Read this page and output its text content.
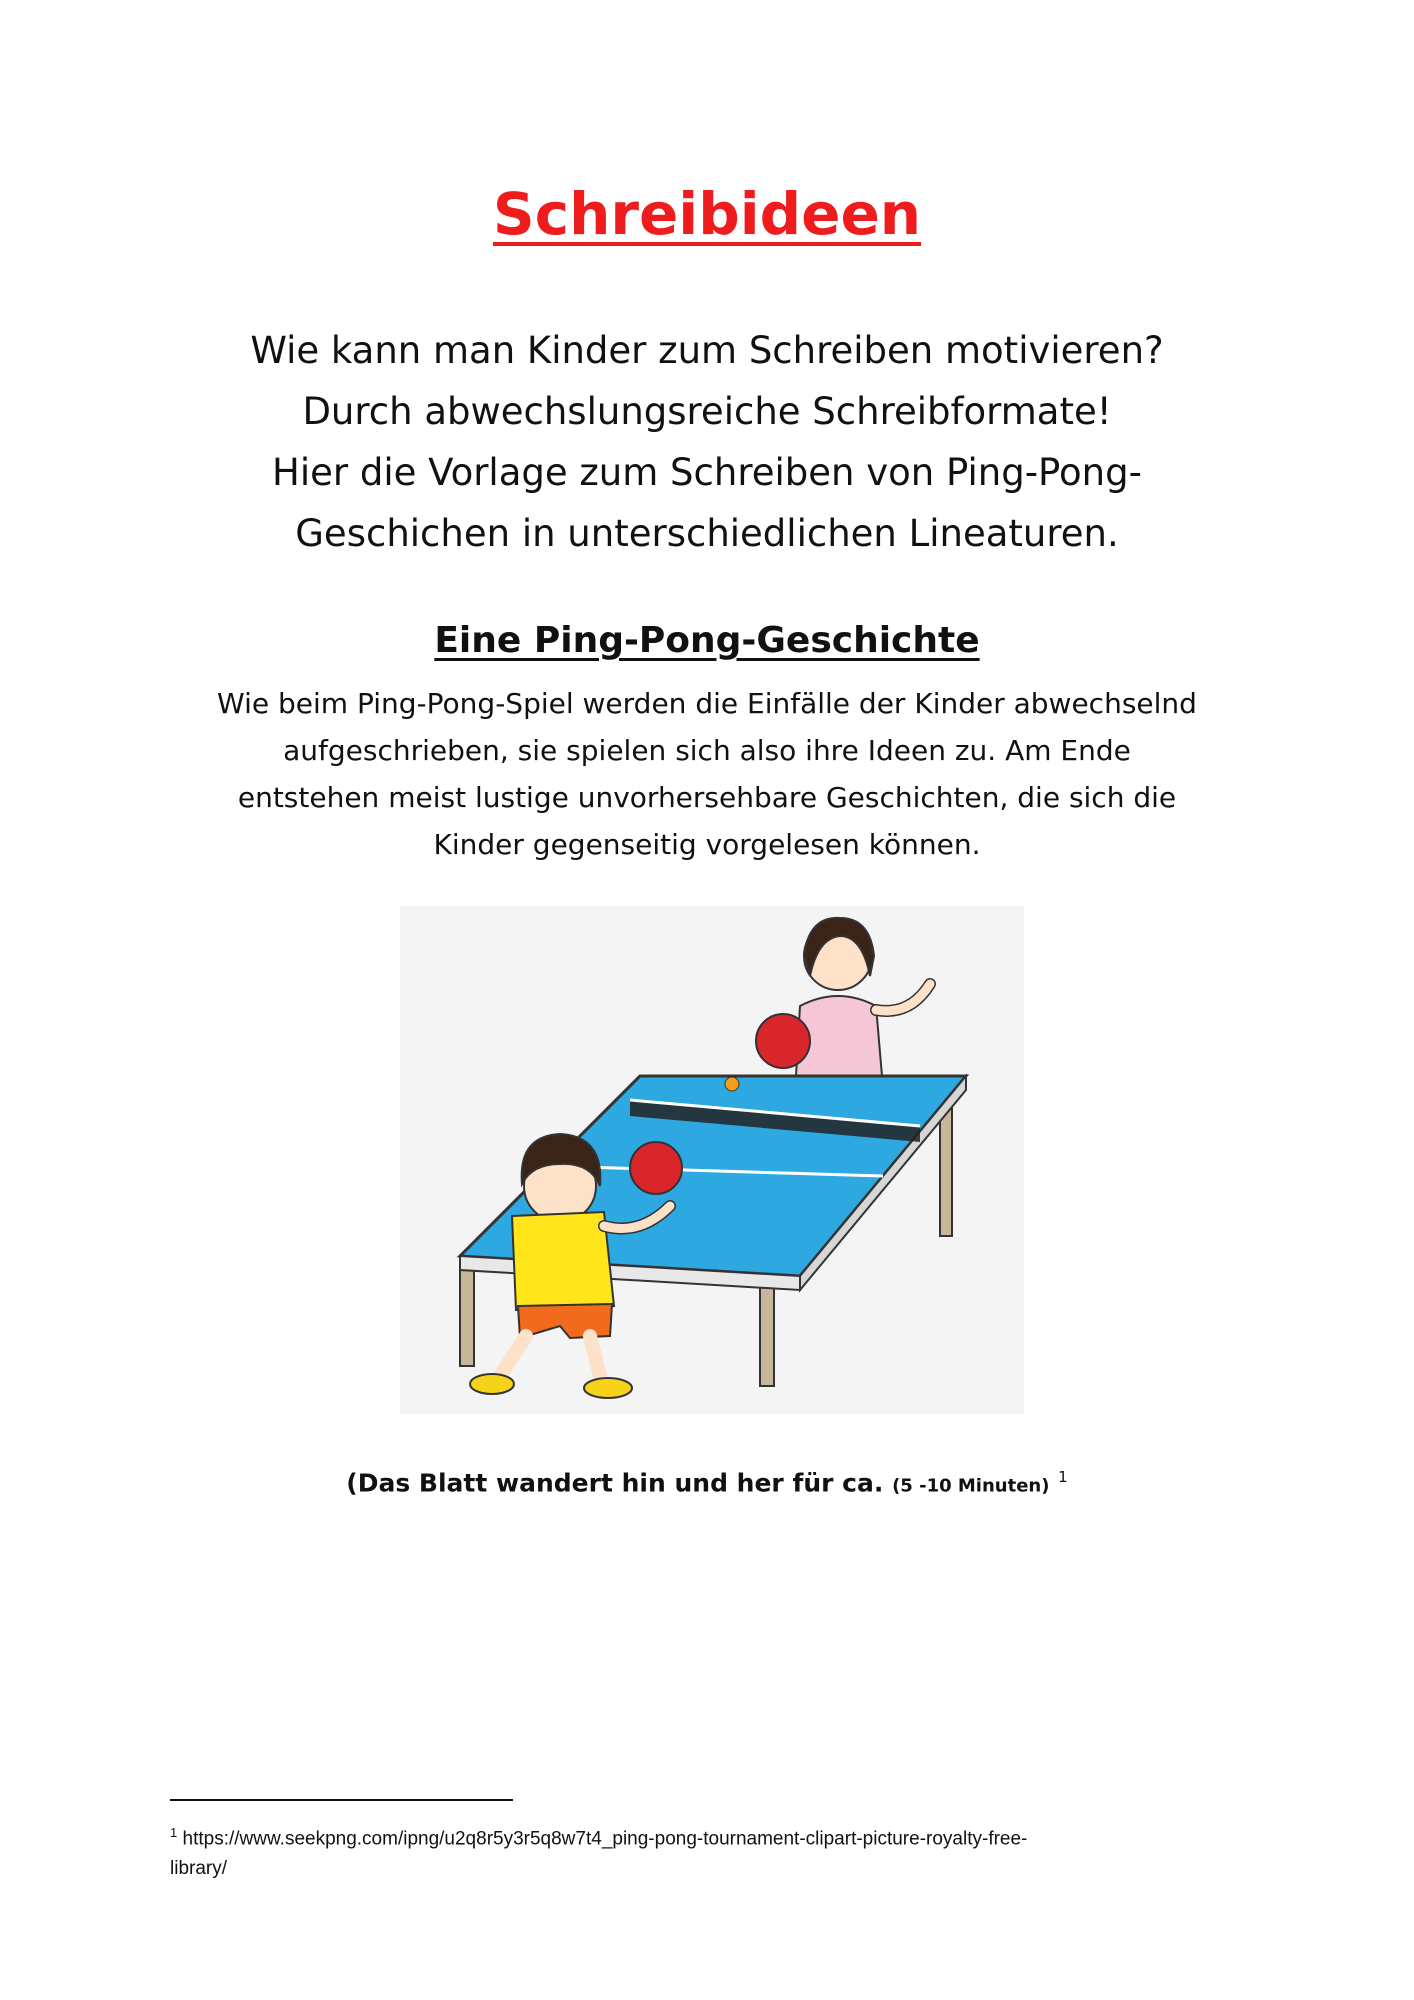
Schreibideen
Wie kann man Kinder zum Schreiben motivieren?
Durch abwechslungsreiche Schreibformate!
Hier die Vorlage zum Schreiben von Ping-Pong-
Geschichen in unterschiedlichen Lineaturen.
Eine Ping-Pong-Geschichte
Wie beim Ping-Pong-Spiel werden die Einfälle der Kinder abwechselnd
aufgeschrieben, sie spielen sich also ihre Ideen zu. Am Ende
entstehen meist lustige unvorhersehbare Geschichten, die sich die
Kinder gegenseitig vorgelesen können.
(Das Blatt wandert hin und her für ca. (5 -10 Minuten) $^1$
$^1$ https://www.seekpng.com/ipng/u2q8r5y3r5q8w7t4_ping-pong-tournament-clipart-picture-royalty-free-
library/
